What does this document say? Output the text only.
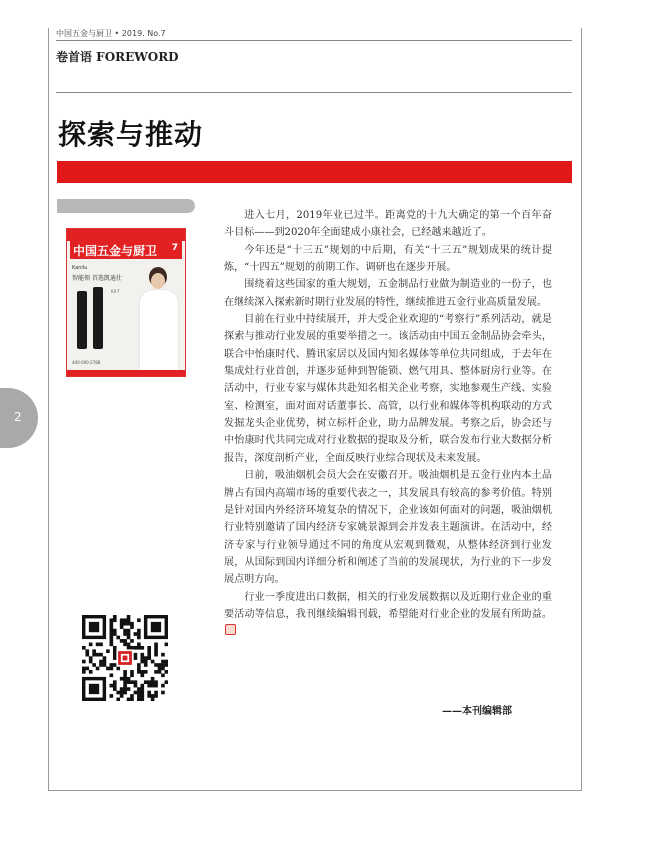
中国五金与厨卫 • 2019. No.7
卷首语 FOREWORD
探索与推动
中国五金与厨卫 7
Kanilu
智能领 首选凯迪仕
KX-T
400-000-2788

进入七月，2019年业已过半。距离党的十九大确定的第一个百年奋斗目标——到2020年全面建成小康社会，已经越来越近了。

今年还是“十三五”规划的中后期，有关“十三五”规划成果的统计提炼，“十四五”规划的前期工作、调研也在逐步开展。

围绕着这些国家的重大规划，五金制品行业做为制造业的一份子，也在继续深入探索新时期行业发展的特性，继续推进五金行业高质量发展。

目前在行业中持续展开，并大受企业欢迎的“考察行”系列活动，就是探索与推动行业发展的重要举措之一。该活动由中国五金制品协会牵头，联合中怡康时代、腾讯家居以及国内知名媒体等单位共同组成，于去年在集成灶行业首创，并逐步延伸到智能锁、燃气用具、整体厨房行业等。在活动中，行业专家与媒体共赴知名相关企业考察，实地参观生产线、实验室、检测室，面对面对话董事长、高管，以行业和媒体等机构联动的方式发掘龙头企业优势，树立标杆企业，助力品牌发展。考察之后，协会还与中怡康时代共同完成对行业数据的提取及分析，联合发布行业大数据分析报告，深度剖析产业，全面反映行业综合现状及未来发展。

日前，吸油烟机会员大会在安徽召开。吸油烟机是五金行业内本土品牌占有国内高端市场的重要代表之一，其发展具有较高的参考价值。特别是针对国内外经济环境复杂的情况下，企业该如何面对的问题，吸油烟机行业特别邀请了国内经济专家姚景源到会并发表主题演讲。在活动中，经济专家与行业领导通过不同的角度从宏观到微观，从整体经济到行业发展，从国际到国内详细分析和阐述了当前的发展现状，为行业的下一步发展点明方向。

行业一季度进出口数据，相关的行业发展数据以及近期行业企业的重要活动等信息，我刊继续编辑刊载，希望能对行业企业的发展有所助益。

——本刊编辑部
2
